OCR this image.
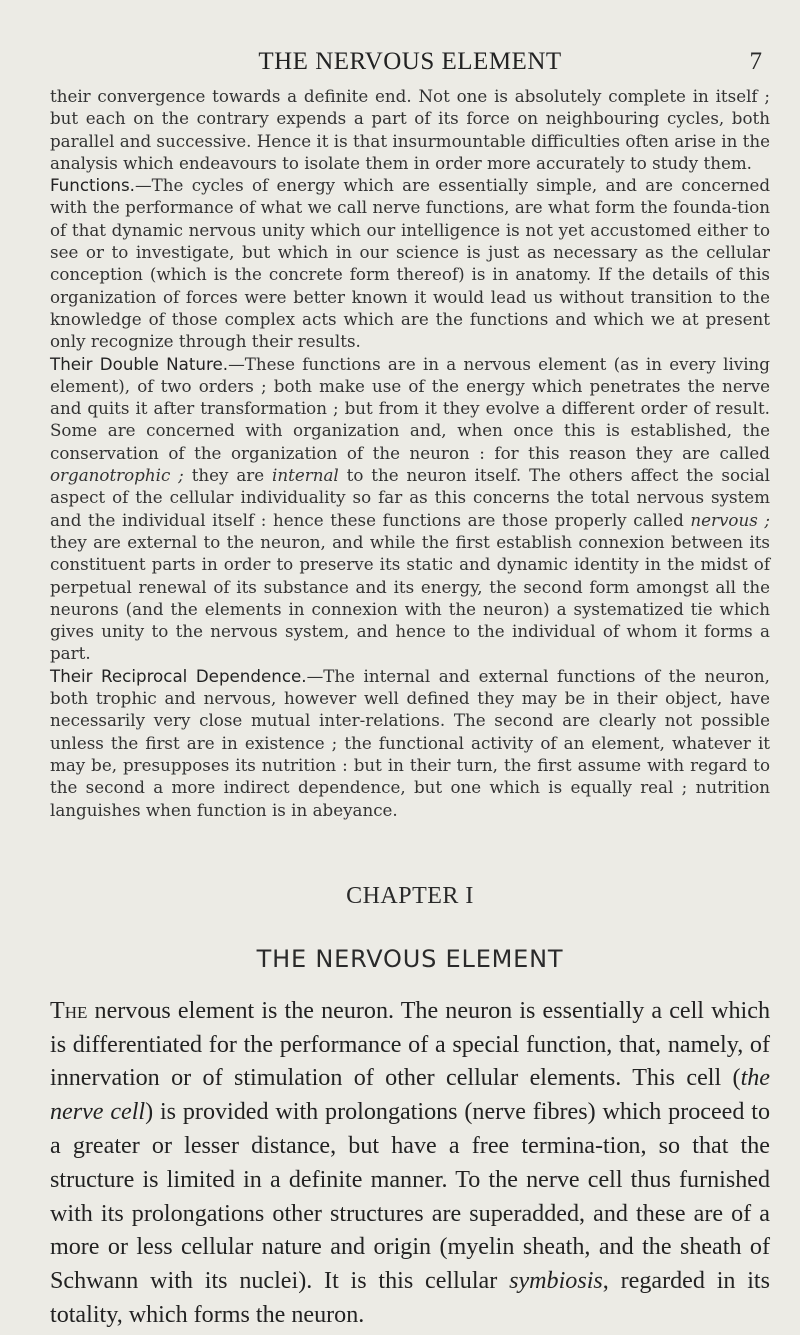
THE NERVOUS ELEMENT	7

their convergence towards a definite end. Not one is absolutely complete in itself ; but each on the contrary expends a part of its force on neighbouring cycles, both parallel and successive. Hence it is that insurmountable difficulties often arise in the analysis which endeavours to isolate them in order more accurately to study them.

Functions.—The cycles of energy which are essentially simple, and are concerned with the performance of what we call nerve functions, are what form the founda-tion of that dynamic nervous unity which our intelligence is not yet accustomed either to see or to investigate, but which in our science is just as necessary as the cellular conception (which is the concrete form thereof) is in anatomy. If the details of this organization of forces were better known it would lead us without transition to the knowledge of those complex acts which are the functions and which we at present only recognize through their results.

Their Double Nature.—These functions are in a nervous element (as in every living element), of two orders ; both make use of the energy which penetrates the nerve and quits it after transformation ; but from it they evolve a different order of result. Some are concerned with organization and, when once this is established, the conservation of the organization of the neuron : for this reason they are called organotrophic ; they are internal to the neuron itself. The others affect the social aspect of the cellular individuality so far as this concerns the total nervous system and the individual itself : hence these functions are those properly called nervous ; they are external to the neuron, and while the first establish connexion between its constituent parts in order to preserve its static and dynamic identity in the midst of perpetual renewal of its substance and its energy, the second form amongst all the neurons (and the elements in connexion with the neuron) a systematized tie which gives unity to the nervous system, and hence to the individual of whom it forms a part.

Their Reciprocal Dependence.—The internal and external functions of the neuron, both trophic and nervous, however well defined they may be in their object, have necessarily very close mutual inter-relations. The second are clearly not possible unless the first are in existence ; the functional activity of an element, whatever it may be, presupposes its nutrition : but in their turn, the first assume with regard to the second a more indirect dependence, but one which is equally real ; nutrition languishes when function is in abeyance.

CHAPTER I
THE NERVOUS ELEMENT

The nervous element is the neuron. The neuron is essentially a cell which is differentiated for the performance of a special function, that, namely, of innervation or of stimulation of other cellular elements. This cell (the nerve cell) is provided with prolongations (nerve fibres) which proceed to a greater or lesser distance, but have a free termina-tion, so that the structure is limited in a definite manner. To the nerve cell thus furnished with its prolongations other structures are superadded, and these are of a more or less cellular nature and origin (myelin sheath, and the sheath of Schwann with its nuclei). It is this cellular symbiosis, regarded in its totality, which forms the neuron.
